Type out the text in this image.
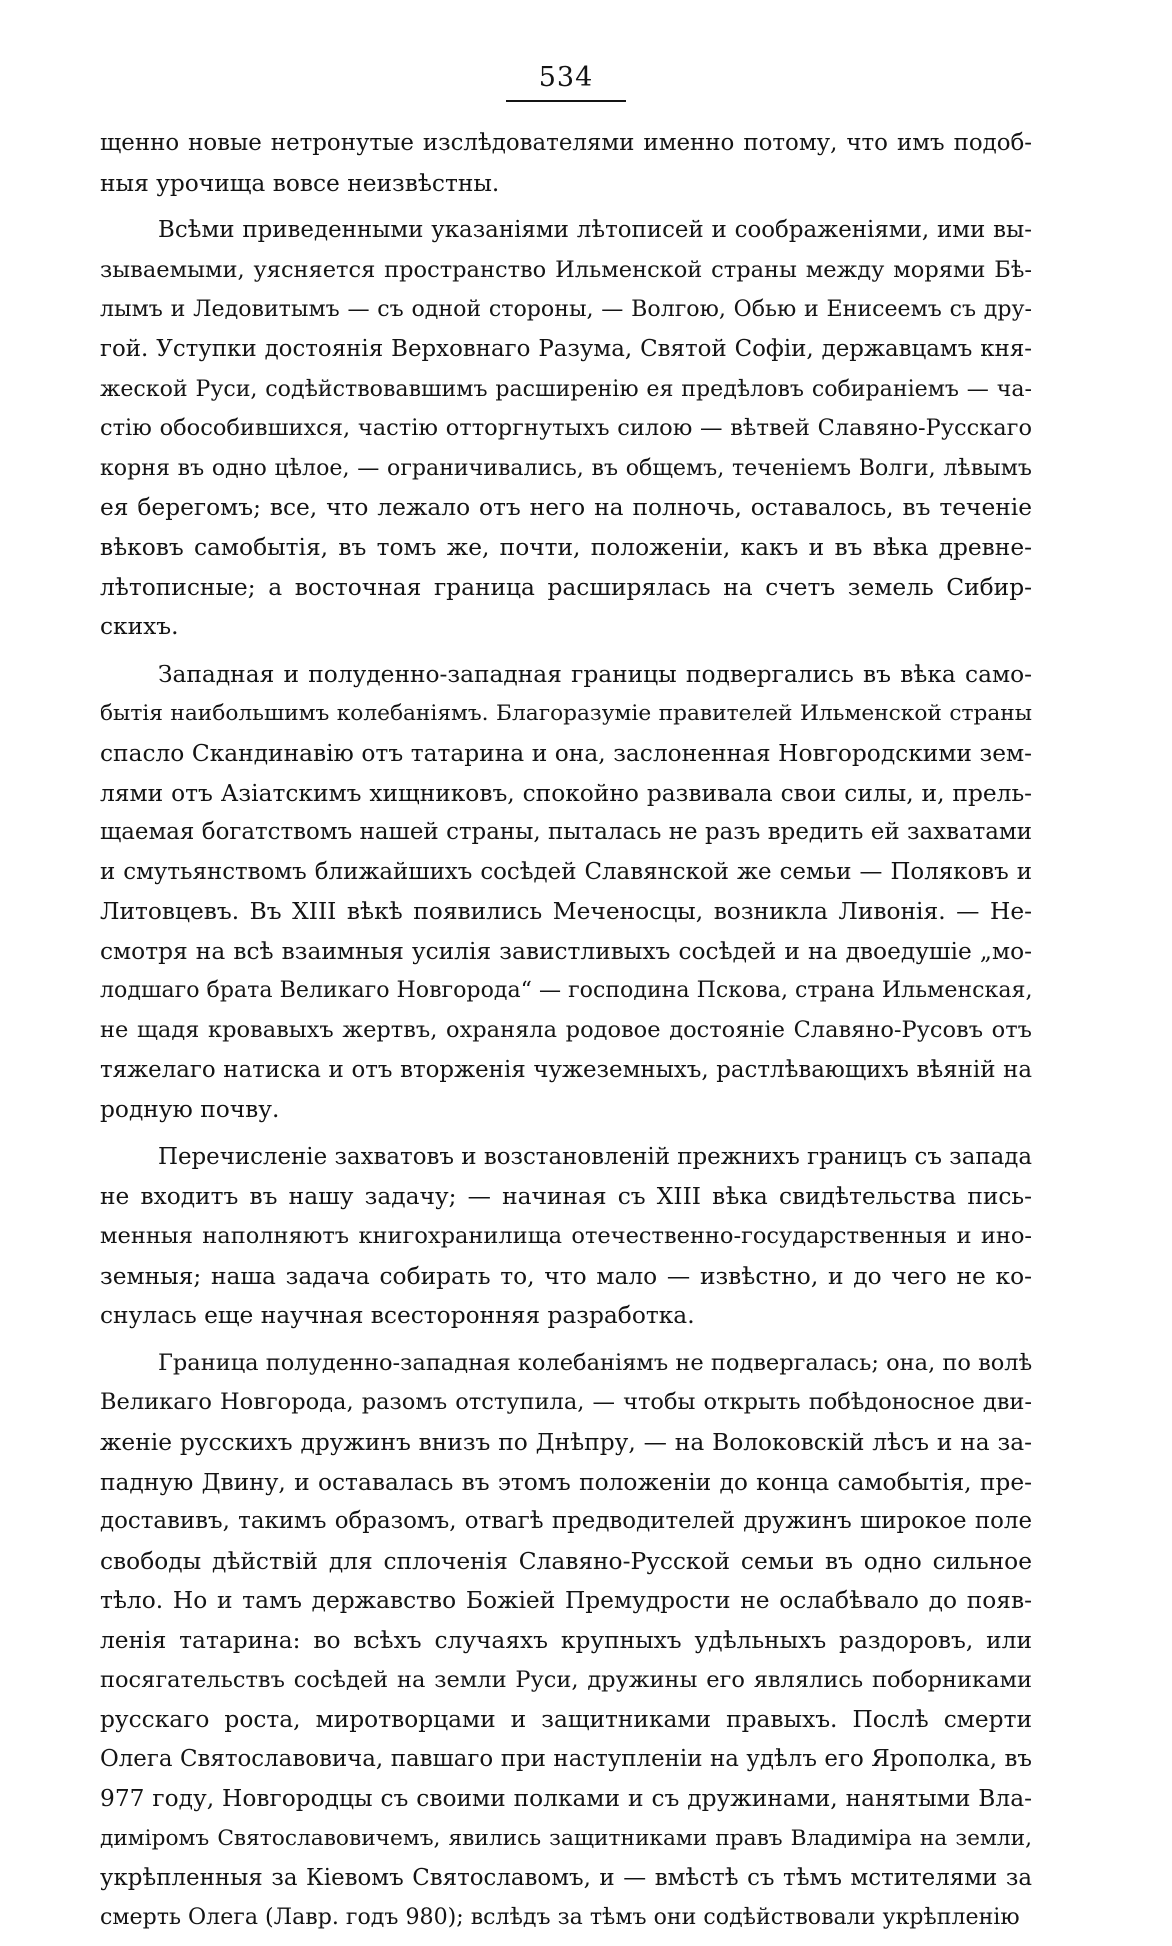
534
щенно новые нетронутые изслѣдователями именно потому, что имъ подоб-
ныя урочища вовсе неизвѣстны.
Всѣми приведенными указаніями лѣтописей и соображеніями, ими вы-
зываемыми, уясняется пространство Ильменской страны между морями Бѣ-
лымъ и Ледовитымъ — съ одной стороны, — Волгою, Обью и Енисеемъ съ дру-
гой. Уступки достоянія Верховнаго Разума, Святой Софіи, державцамъ кня-
жеской Руси, содѣйствовавшимъ расширенію ея предѣловъ собираніемъ — ча-
стію обособившихся, частію отторгнутыхъ силою — вѣтвей Славяно-Русскаго
корня въ одно цѣлое, — ограничивались, въ общемъ, теченіемъ Волги, лѣвымъ
ея берегомъ; все, что лежало отъ него на полночь, оставалось, въ теченіе
вѣковъ самобытія, въ томъ же, почти, положеніи, какъ и въ вѣка древне-
лѣтописные; а восточная граница расширялась на счетъ земель Сибир-
скихъ.
Западная и полуденно-западная границы подвергались въ вѣка само-
бытія наибольшимъ колебаніямъ. Благоразуміе правителей Ильменской страны
спасло Скандинавію отъ татарина и она, заслоненная Новгородскими зем-
лями отъ Азіатскимъ хищниковъ, спокойно развивала свои силы, и, прель-
щаемая богатствомъ нашей страны, пыталась не разъ вредить ей захватами
и смутьянствомъ ближайшихъ сосѣдей Славянской же семьи — Поляковъ и
Литовцевъ. Въ XIII вѣкѣ появились Меченосцы, возникла Ливонія. — Не-
смотря на всѣ взаимныя усилія завистливыхъ сосѣдей и на двоедушіе „мо-
лодшаго брата Великаго Новгорода“ — господина Пскова, страна Ильменская,
не щадя кровавыхъ жертвъ, охраняла родовое достояніе Славяно-Русовъ отъ
тяжелаго натиска и отъ вторженія чужеземныхъ, растлѣвающихъ вѣяній на
родную почву.
Перечисленіе захватовъ и возстановленій прежнихъ границъ съ запада
не входитъ въ нашу задачу; — начиная съ XIII вѣка свидѣтельства пись-
менныя наполняютъ книгохранилища отечественно-государственныя и ино-
земныя; наша задача собирать то, что мало — извѣстно, и до чего не ко-
снулась еще научная всесторонняя разработка.
Граница полуденно-западная колебаніямъ не подвергалась; она, по волѣ
Великаго Новгорода, разомъ отступила, — чтобы открыть побѣдоносное дви-
женіе русскихъ дружинъ внизъ по Днѣпру, — на Волоковскій лѣсъ и на за-
падную Двину, и оставалась въ этомъ положеніи до конца самобытія, пре-
доставивъ, такимъ образомъ, отвагѣ предводителей дружинъ широкое поле
свободы дѣйствій для сплоченія Славяно-Русской семьи въ одно сильное
тѣло. Но и тамъ державство Божіей Премудрости не ослабѣвало до появ-
ленія татарина: во всѣхъ случаяхъ крупныхъ удѣльныхъ раздоровъ, или
посягательствъ сосѣдей на земли Руси, дружины его являлись поборниками
русскаго роста, миротворцами и защитниками правыхъ. Послѣ смерти
Олега Святославовича, павшаго при наступленіи на удѣлъ его Ярополка, въ
977 году, Новгородцы съ своими полками и съ дружинами, нанятыми Вла-
диміромъ Святославовичемъ, явились защитниками правъ Владиміра на земли,
укрѣпленныя за Кіевомъ Святославомъ, и — вмѣстѣ съ тѣмъ мстителями за
смерть Олега (Лавр. годъ 980); вслѣдъ за тѣмъ они содѣйствовали укрѣпленію
